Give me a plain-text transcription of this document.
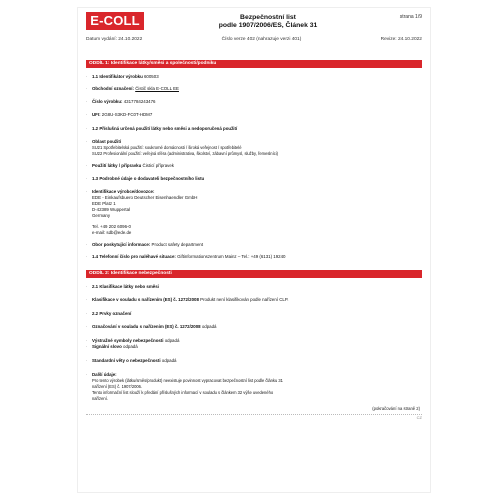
E-COLL	Bezpečnostní list
podle 1907/2006/ES, Článek 31
strana 1/9
Datum vydání: 24.10.2022	Číslo verze 402 (nahrazuje verzi 401)	Revize: 24.10.2022
ODDÍL 1: Identifikace látky/směsi a společnosti/podniku
· 1.1 Identifikátor výrobku 600503
· Obchodní označení: Čistič skla E-COLL EE
· Číslo výrobku: 4317784243476
· UFI: 2G8U-S3KD-FC0T-HDM7
· 1.2 Příslušná určená použití látky nebo směsi a nedoporučená použití
· Oblast použití
SU21 Spotřebitelská použití: soukromé domácnosti / široká veřejnost / spotřebitelé
SU22 Profesionální použití: veřejná sféra (administrativa, školství, zábavní průmysl, služby, řemeslníci)
· Použití látky / přípravku Čisticí přípravek
· 1.3 Podrobné údaje o dodavateli bezpečnostního listu
· Identifikace výrobce/dovozce:
EDE - Einkaufsbuero Deutscher Eisenhaendler GmbH
EDE Platz 1
D-42389 Wuppertal
Germany
Tel. +49 202 6096-0
e-mail: sdb@ede.de
· Obor poskytující informace: Product safety department
· 1.4 Telefonní číslo pro naléhavé situace: Giftinformationszentrum Mainz – Tel.: +49 (6131) 19240
ODDÍL 2: Identifikace nebezpečnosti
· 2.1 Klasifikace látky nebo směsi
· Klasifikace v souladu s nařízením (ES) č. 1272/2008 Produkt není klasifikován podle nařízení CLP.
· 2.2 Prvky označení
· Označování v souladu s nařízením (ES) č. 1272/2008 odpadá
· Výstražné symboly nebezpečnosti odpadá
· Signální slovo odpadá
· Standardní věty o nebezpečnosti odpadá
· Další údaje:
Pro tento výrobek (látku/směs/produkt) neexistuje povinnost vypracovat bezpečnostní list podle článku 31
nařízení (ES) č. 1907/2006.
Tento informační list slouží k předání příslušných informací v souladu s článkem 32 výše uvedeného
nařízení.
(pokračování na straně 2)
CZ
